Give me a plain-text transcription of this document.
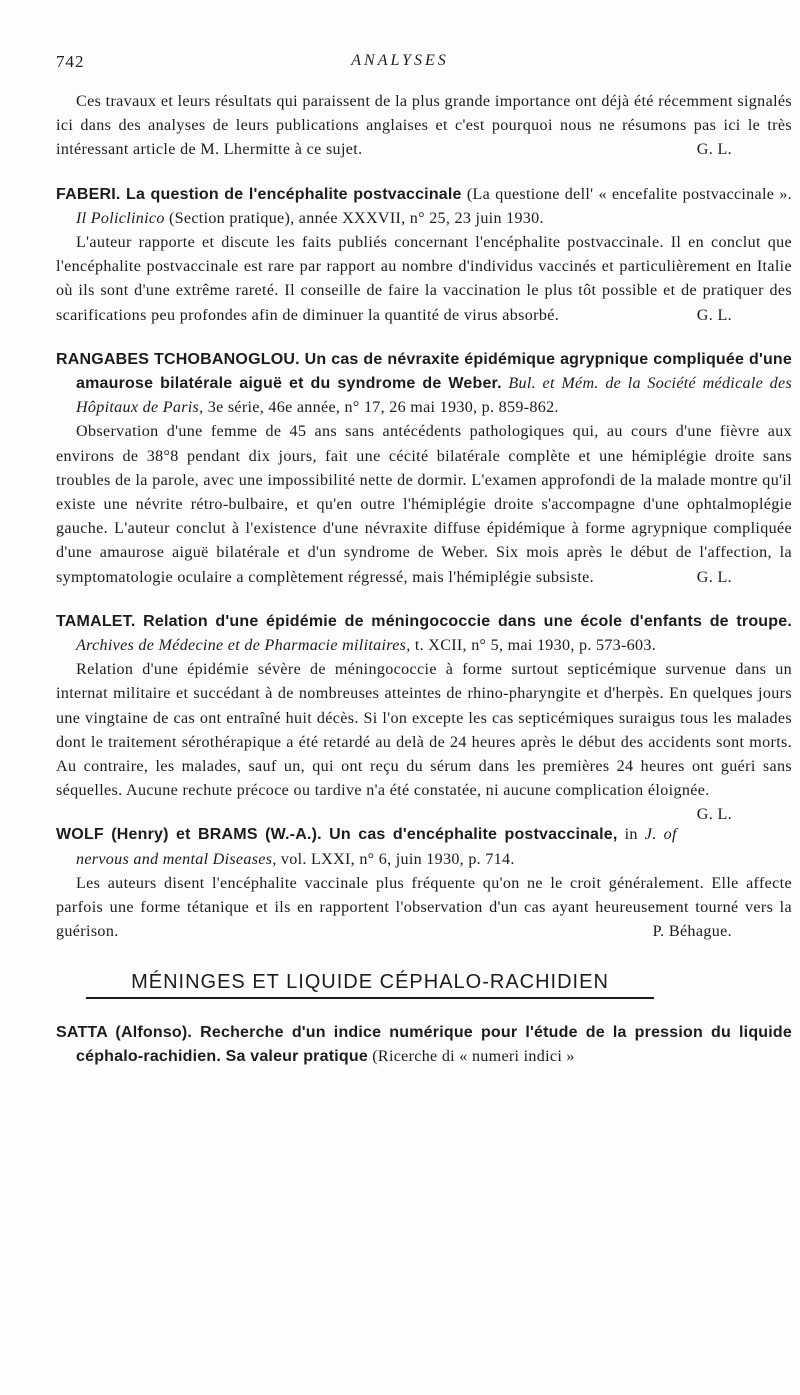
742	ANALYSES

Ces travaux et leurs résultats qui paraissent de la plus grande importance ont déjà été récemment signalés ici dans des analyses de leurs publications anglaises et c'est pourquoi nous ne résumons pas ici le très intéressant article de M. Lhermitte à ce sujet.	G. L.

FABERI. La question de l'encéphalite postvaccinale (La questione dell' « encefalite postvaccinale ». Il Policlinico (Section pratique), année XXXVII, n° 25, 23 juin 1930.

L'auteur rapporte et discute les faits publiés concernant l'encéphalite postvaccinale. Il en conclut que l'encéphalite postvaccinale est rare par rapport au nombre d'individus vaccinés et particulièrement en Italie où ils sont d'une extrême rareté. Il conseille de faire la vaccination le plus tôt possible et de pratiquer des scarifications peu profondes afin de diminuer la quantité de virus absorbé.	G. L.

RANGABES TCHOBANOGLOU. Un cas de névraxite épidémique agrypnique compliquée d'une amaurose bilatérale aiguë et du syndrome de Weber. Bul. et Mém. de la Société médicale des Hôpitaux de Paris, 3e série, 46e année, n° 17, 26 mai 1930, p. 859-862.

Observation d'une femme de 45 ans sans antécédents pathologiques qui, au cours d'une fièvre aux environs de 38°8 pendant dix jours, fait une cécité bilatérale complète et une hémiplégie droite sans troubles de la parole, avec une impossibilité nette de dormir. L'examen approfondi de la malade montre qu'il existe une névrite rétro-bulbaire, et qu'en outre l'hémiplégie droite s'accompagne d'une ophtalmoplégie gauche. L'auteur conclut à l'existence d'une névraxite diffuse épidémique à forme agrypnique compliquée d'une amaurose aiguë bilatérale et d'un syndrome de Weber. Six mois après le début de l'affection, la symptomatologie oculaire a complètement régressé, mais l'hémiplégie subsiste.	G. L.

TAMALET. Relation d'une épidémie de méningococcie dans une école d'enfants de troupe. Archives de Médecine et de Pharmacie militaires, t. XCII, n° 5, mai 1930, p. 573-603.

Relation d'une épidémie sévère de méningococcie à forme surtout septicémique survenue dans un internat militaire et succédant à de nombreuses atteintes de rhino-pharyngite et d'herpès. En quelques jours une vingtaine de cas ont entraîné huit décès. Si l'on excepte les cas septicémiques suraigus tous les malades dont le traitement sérothérapique a été retardé au delà de 24 heures après le début des accidents sont morts. Au contraire, les malades, sauf un, qui ont reçu du sérum dans les premières 24 heures ont guéri sans séquelles. Aucune rechute précoce ou tardive n'a été constatée, ni aucune complication éloignée.
G. L.

WOLF (Henry) et BRAMS (W.-A.). Un cas d'encéphalite postvaccinale, in J. of nervous and mental Diseases, vol. LXXI, n° 6, juin 1930, p. 714.

Les auteurs disent l'encéphalite vaccinale plus fréquente qu'on ne le croit généralement. Elle affecte parfois une forme tétanique et ils en rapportent l'observation d'un cas ayant heureusement tourné vers la guérison.	P. Béhague.

MÉNINGES ET LIQUIDE CÉPHALO-RACHIDIEN

SATTA (Alfonso). Recherche d'un indice numérique pour l'étude de la pression du liquide céphalo-rachidien. Sa valeur pratique (Ricerche di « numeri indici »
